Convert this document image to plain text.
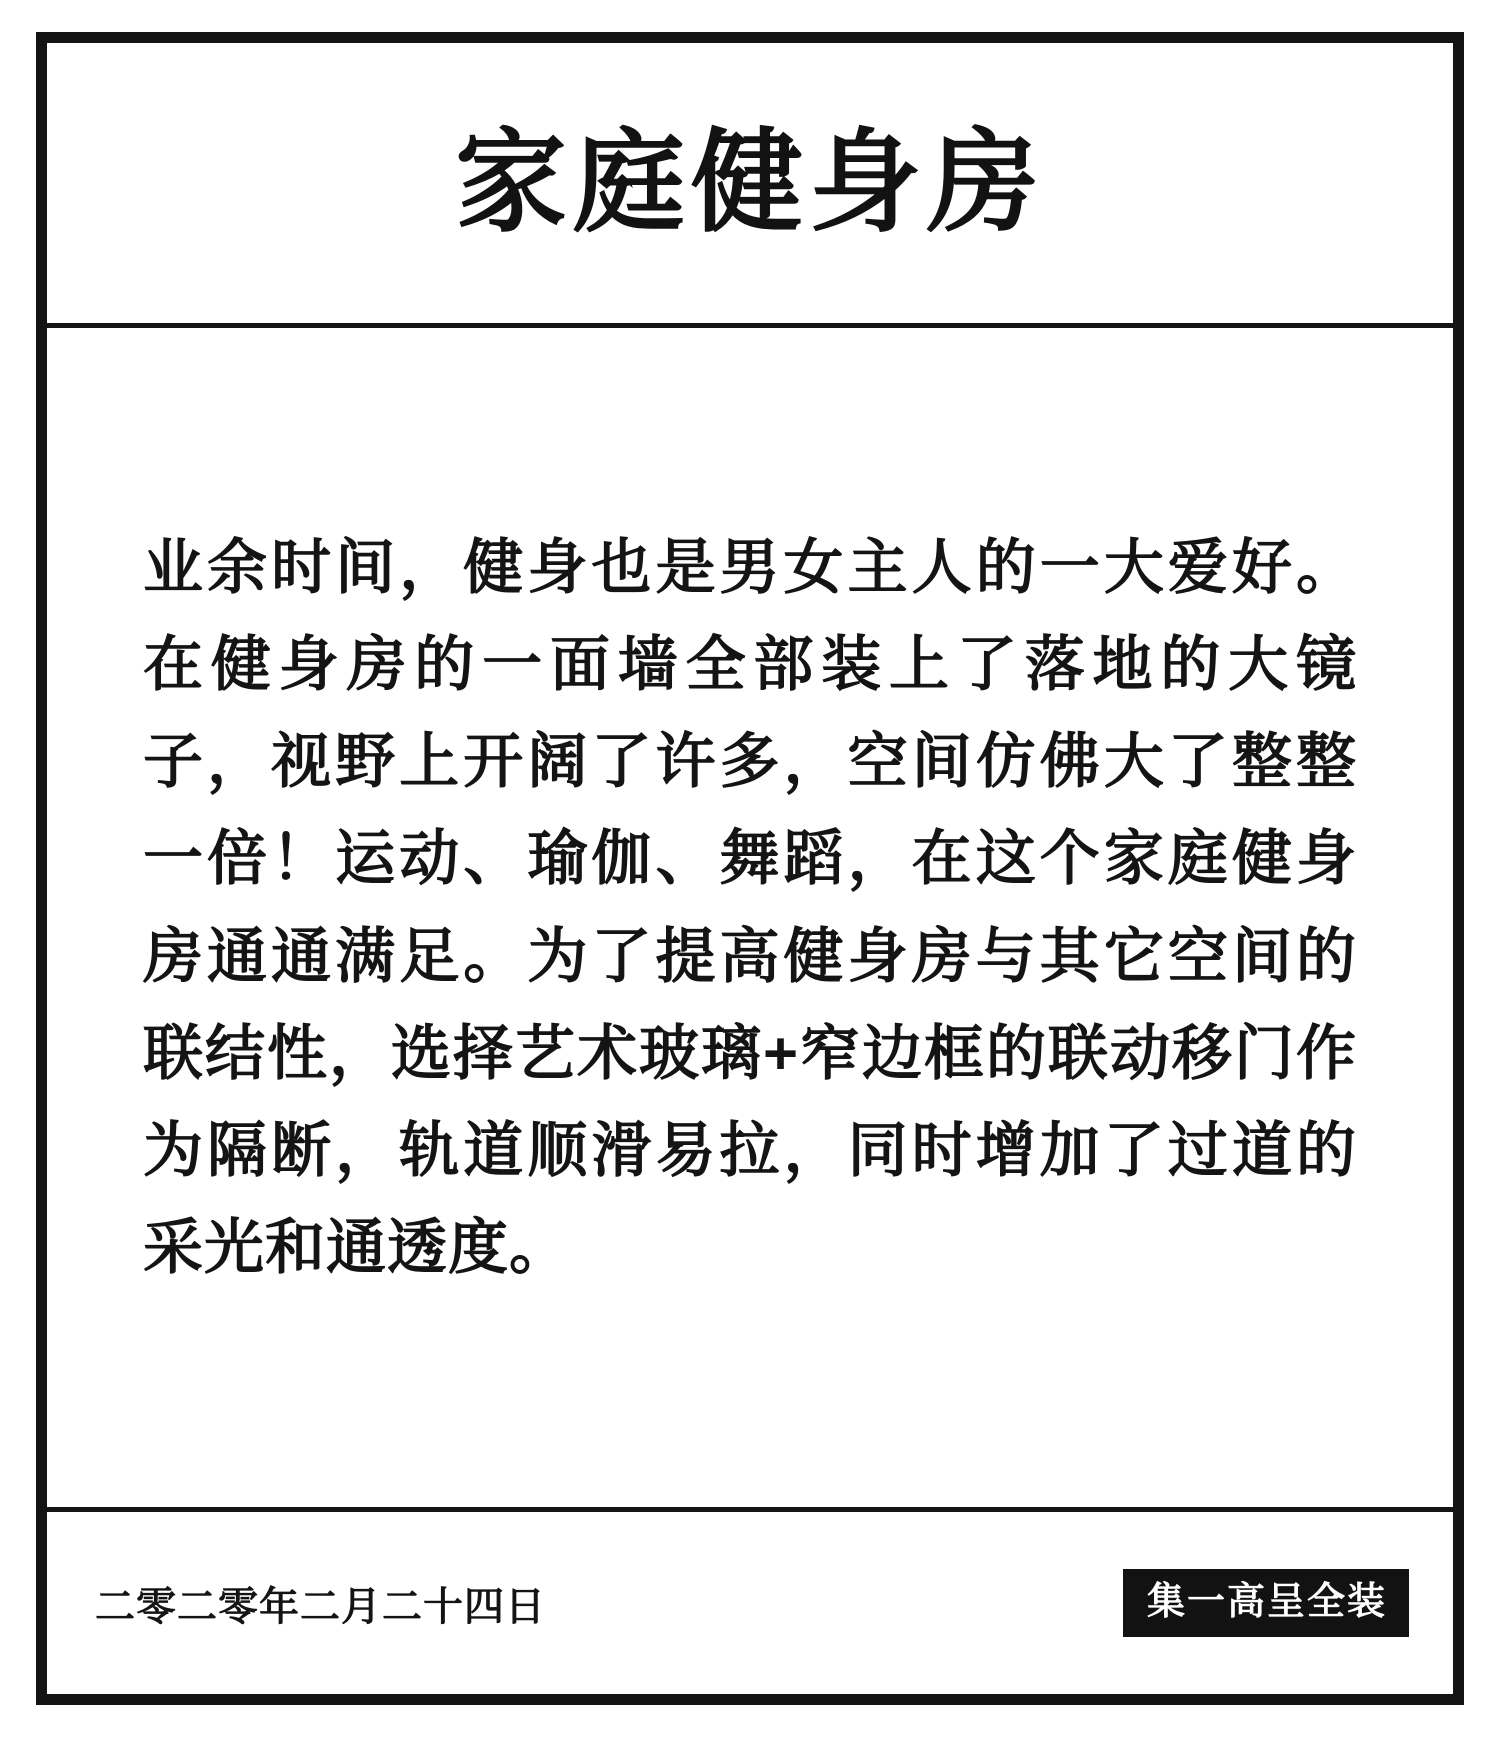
家庭健身房
业余时间，健身也是男女主人的一大爱好。在健身房的一面墙全部装上了落地的大镜子，视野上开阔了许多，空间仿佛大了整整一倍！运动、瑜伽、舞蹈，在这个家庭健身房通通满足。为了提高健身房与其它空间的联结性，选择艺术玻璃+窄边框的联动移门作为隔断，轨道顺滑易拉，同时增加了过道的采光和通透度。
二零二零年二月二十四日	集一高呈全装
